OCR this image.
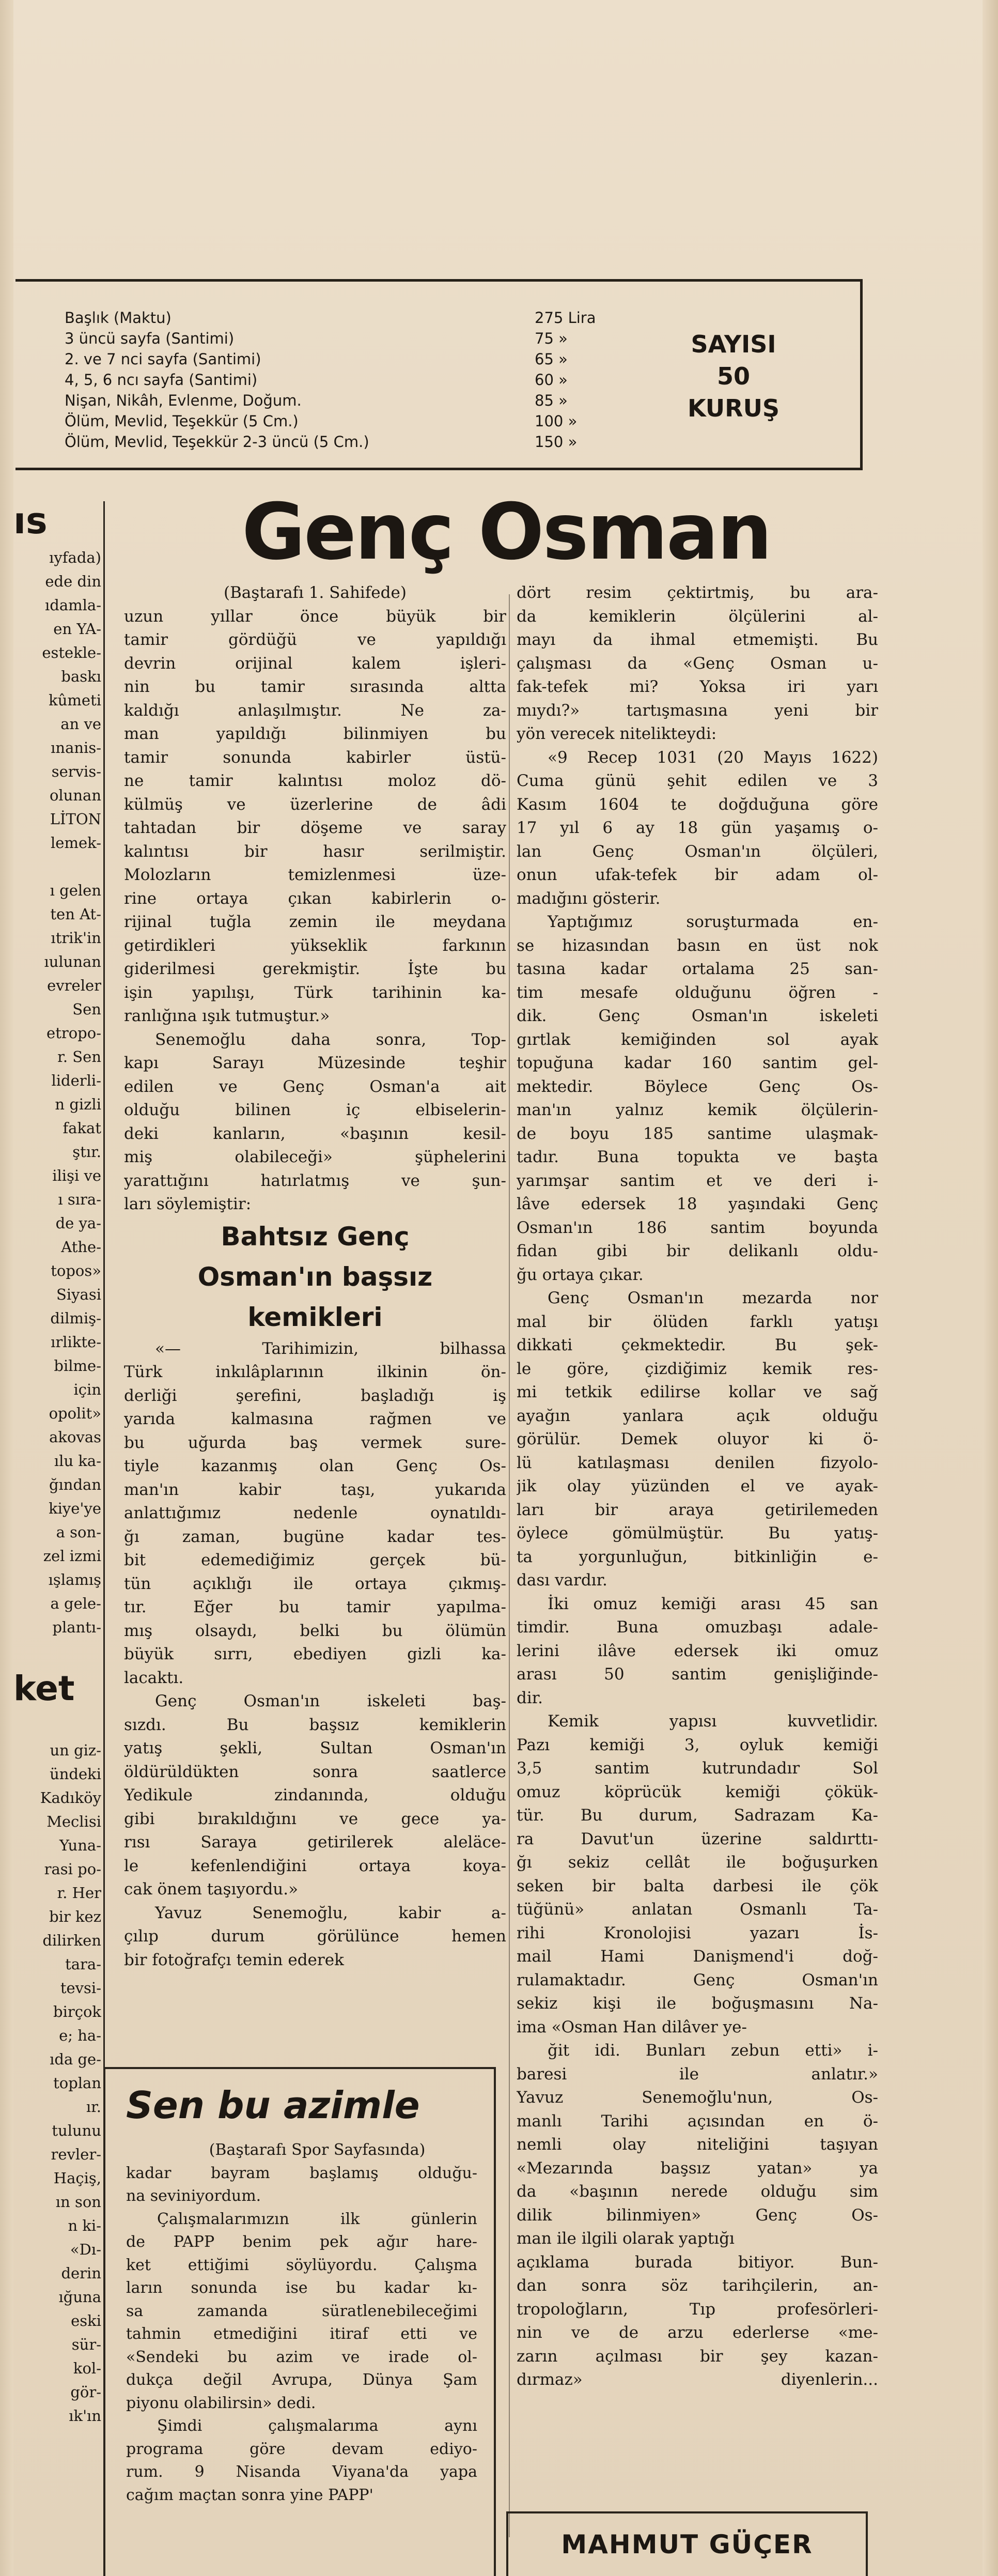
Başlık (Maktu)	275 Lira
3 üncü sayfa (Santimi)	75 »
2. ve 7 nci sayfa (Santimi)	65 »
4, 5, 6 ncı sayfa (Santimi)	60 »
Nişan, Nikâh, Evlenme, Doğum.	85 »
Ölüm, Mevlid, Teşekkür (5 Cm.)	100 »
Ölüm, Mevlid, Teşekkür 2-3 üncü (5 Cm.)	150 »
SAYISI
50
KURUŞ
ıs
ıyfada)
ede din
ıdamla-
en YA-
estekle-
baskı
kûmeti
an ve
ınanis-
servis-
olunan
LİTON
lemek-
ı gelen
ten At-
ıtrik'in
ıulunan
evreler
Sen
etropo-
r. Sen
liderli-
n gizli
fakat
ştır.
ilişi ve
ı sıra-
de ya-
Athe-
topos»
Siyasi
dilmiş-
ırlikte-
bilme-
için
opolit»
akovas
ılu ka-
ğından
kiye'ye
a son-
zel izmi
ışlamış
a gele-
plantı-
ket
un giz-
ündeki
Kadıköy
Meclisi
Yuna-
rasi po-
r. Her
bir kez
dilirken
tara-
tevsi-
birçok
e; ha-
ıda ge-
toplan
ır.
tulunu
revler-
Haçiş,
ın son
n ki-
«Dı-
derin
ığuna
eski
sür-
kol-
gör-
ık'ın
Genç Osman
(Baştarafı 1. Sahifede)
uzun yıllar önce büyük bir
tamir gördüğü ve yapıldığı
devrin orijinal kalem işleri-
nin bu tamir sırasında altta
kaldığı anlaşılmıştır. Ne za-
man yapıldığı bilinmiyen bu
tamir sonunda kabirler üstü-
ne tamir kalıntısı moloz dö-
külmüş ve üzerlerine de âdi
tahtadan bir döşeme ve saray
kalıntısı bir hasır serilmiştir.
Molozların temizlenmesi üze-
rine ortaya çıkan kabirlerin o-
rijinal tuğla zemin ile meydana
getirdikleri yükseklik farkının
giderilmesi gerekmiştir. İşte bu
işin yapılışı, Türk tarihinin ka-
ranlığına ışık tutmuştur.»
Senemoğlu daha sonra, Top-
kapı Sarayı Müzesinde teşhir
edilen ve Genç Osman'a ait
olduğu bilinen iç elbiselerin-
deki kanların, «başının kesil-
miş olabileceği» şüphelerini
yarattığını hatırlatmış ve şun-
ları söylemiştir:
Bahtsız Genç
Osman'ın başsız
kemikleri
«— Tarihimizin, bilhassa
Türk inkılâplarının ilkinin ön-
derliği şerefini, başladığı iş
yarıda kalmasına rağmen ve
bu uğurda baş vermek sure-
tiyle kazanmış olan Genç Os-
man'ın kabir taşı, yukarıda
anlattığımız nedenle oynatıldı-
ğı zaman, bugüne kadar tes-
bit edemediğimiz gerçek bü-
tün açıklığı ile ortaya çıkmış-
tır. Eğer bu tamir yapılma-
mış olsaydı, belki bu ölümün
büyük sırrı, ebediyen gizli ka-
lacaktı.
Genç Osman'ın iskeleti baş-
sızdı. Bu başsız kemiklerin
yatış şekli, Sultan Osman'ın
öldürüldükten sonra saatlerce
Yedikule zindanında, olduğu
gibi bırakıldığını ve gece ya-
rısı Saraya getirilerek aleläce-
le kefenlendiğini ortaya koya-
cak önem taşıyordu.»
Yavuz Senemoğlu, kabir a-
çılıp durum görülünce hemen
bir fotoğrafçı temin ederek
dört resim çektirtmiş, bu ara-
da kemiklerin ölçülerini al-
mayı da ihmal etmemişti. Bu
çalışması da «Genç Osman u-
fak-tefek mi? Yoksa iri yarı
mıydı?» tartışmasına yeni bir
yön verecek nitelikteydi:
«9 Recep 1031 (20 Mayıs 1622)
Cuma günü şehit edilen ve 3
Kasım 1604 te doğduğuna göre
17 yıl 6 ay 18 gün yaşamış o-
lan Genç Osman'ın ölçüleri,
onun ufak-tefek bir adam ol-
madığını gösterir.
Yaptığımız soruşturmada en-
se hizasından basın en üst nok
tasına kadar ortalama 25 san-
tim mesafe olduğunu öğren -
dik. Genç Osman'ın iskeleti
gırtlak kemiğinden sol ayak
topuğuna kadar 160 santim gel-
mektedir. Böylece Genç Os-
man'ın yalnız kemik ölçülerin-
de boyu 185 santime ulaşmak-
tadır. Buna topukta ve başta
yarımşar santim et ve deri i-
lâve edersek 18 yaşındaki Genç
Osman'ın 186 santim boyunda
fidan gibi bir delikanlı oldu-
ğu ortaya çıkar.
Genç Osman'ın mezarda nor
mal bir ölüden farklı yatışı
dikkati çekmektedir. Bu şek-
le göre, çizdiğimiz kemik res-
mi tetkik edilirse kollar ve sağ
ayağın yanlara açık olduğu
görülür. Demek oluyor ki ö-
lü katılaşması denilen fizyolo-
jik olay yüzünden el ve ayak-
ları bir araya getirilemeden
öylece gömülmüştür. Bu yatış-
ta yorgunluğun, bitkinliğin e-
dası vardır.
İki omuz kemiği arası 45 san
timdir. Buna omuzbaşı adale-
lerini ilâve edersek iki omuz
arası 50 santim genişliğinde-
dir.
Kemik yapısı kuvvetlidir.
Pazı kemiği 3, oyluk kemiği
3,5 santim kutrundadır Sol
omuz köprücük kemiği çökük-
tür. Bu durum, Sadrazam Ka-
ra Davut'un üzerine saldırttı-
ğı sekiz cellât ile boğuşurken
seken bir balta darbesi ile çök
tüğünü» anlatan Osmanlı Ta-
rihi Kronolojisi yazarı İs-
mail Hami Danişmend'i doğ-
rulamaktadır. Genç Osman'ın
sekiz kişi ile boğuşmasını Na-
ima «Osman Han dilâver ye-
ğit idi. Bunları zebun etti» i-
baresi ile anlatır.»
Yavuz Senemoğlu'nun, Os-
manlı Tarihi açısından en ö-
nemli olay niteliğini taşıyan
«Mezarında başsız yatan» ya
da «başının nerede olduğu sim
dilik bilinmiyen» Genç Os-
man ile ilgili olarak yaptığı
açıklama burada bitiyor. Bun-
dan sonra söz tarihçilerin, an-
tropoloğların, Tıp profesörleri-
nin ve de arzu ederlerse «me-
zarın açılması bir şey kazan-
dırmaz» diyenlerin...
Sen bu azimle
(Baştarafı Spor Sayfasında)
kadar bayram başlamış olduğu-
na seviniyordum.
Çalışmalarımızın ilk günlerin
de PAPP benim pek ağır hare-
ket ettiğimi söylüyordu. Çalışma
ların sonunda ise bu kadar kı-
sa zamanda süratlenebileceğimi
tahmin etmediğini itiraf etti ve
«Sendeki bu azim ve irade ol-
dukça değil Avrupa, Dünya Şam
piyonu olabilirsin» dedi.
Şimdi çalışmalarıma aynı
programa göre devam ediyo-
rum. 9 Nisanda Viyana'da yapa
cağım maçtan sonra yine PAPP'
MAHMUT GÜÇER
